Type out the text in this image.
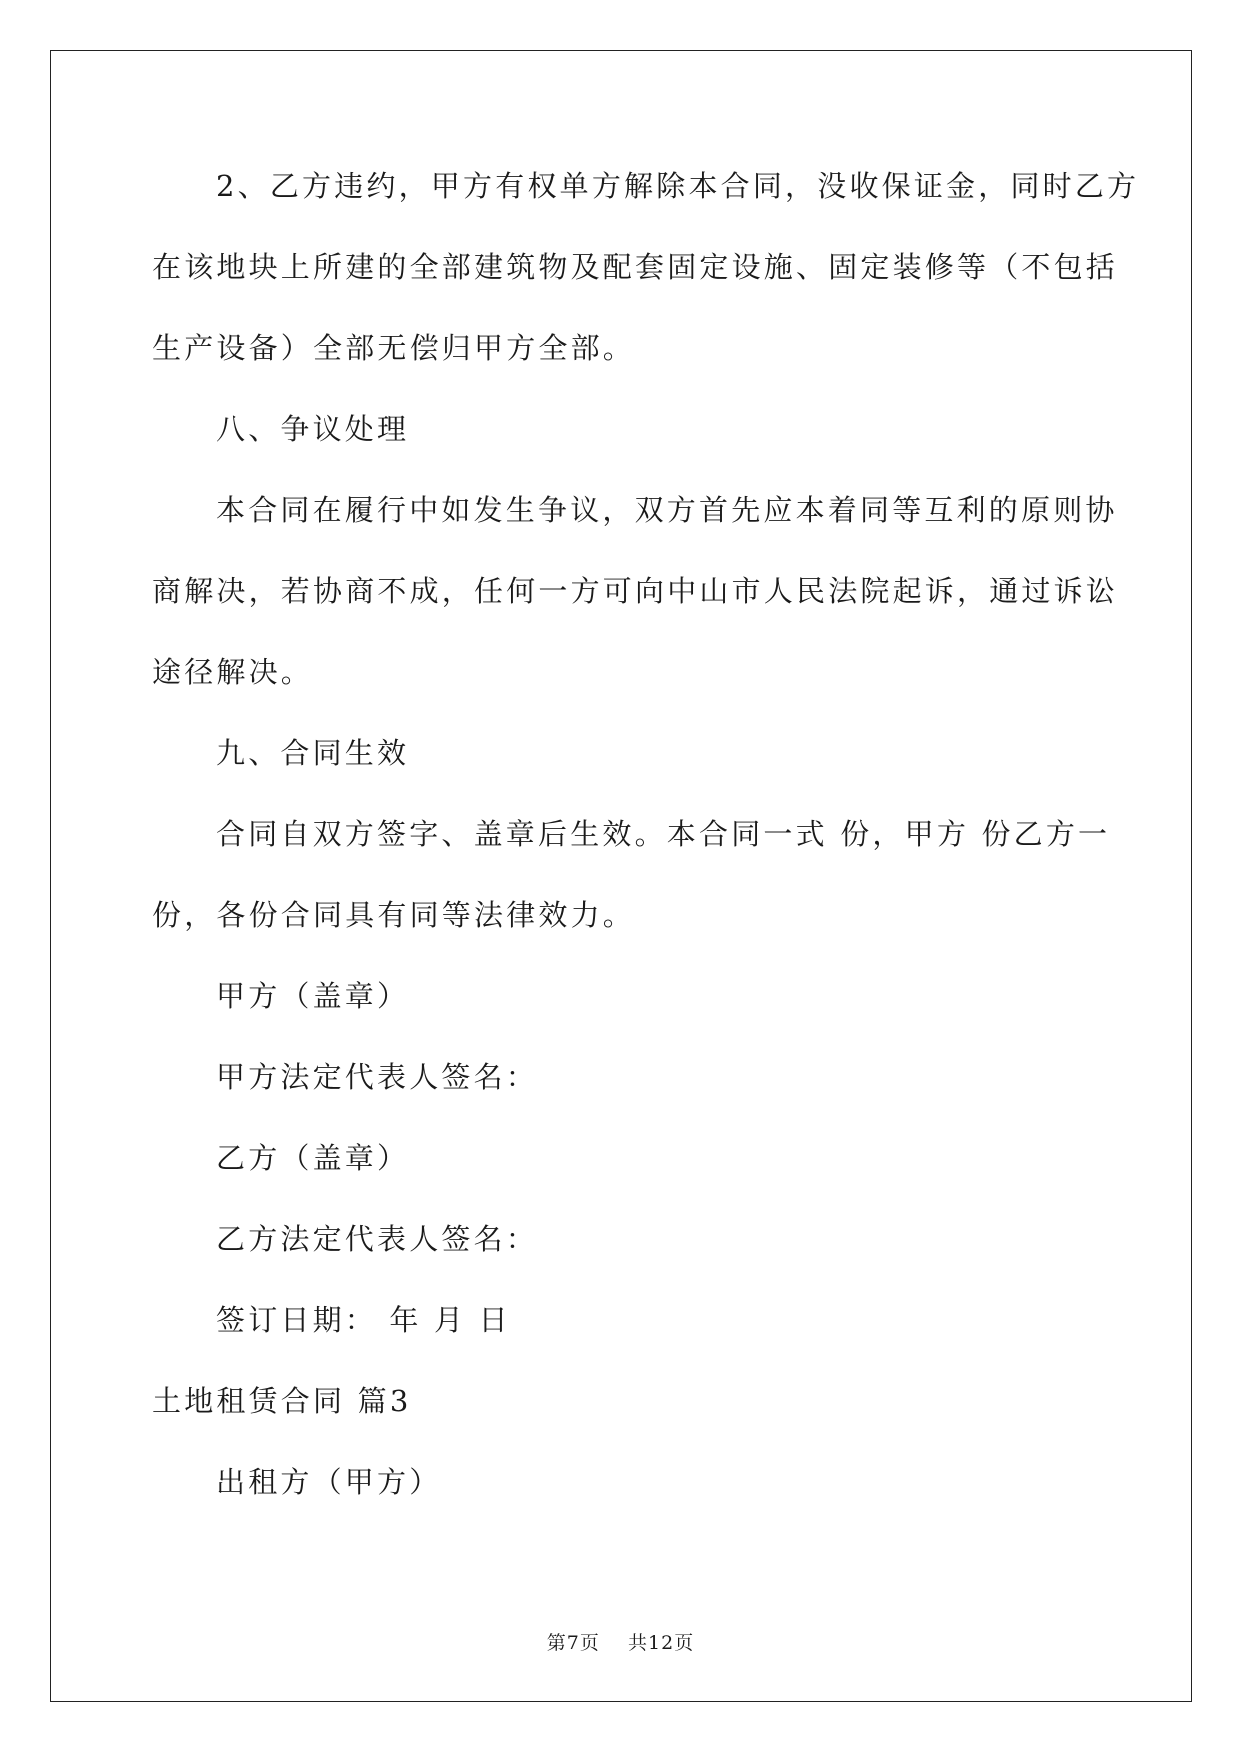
2、乙方违约，甲方有权单方解除本合同，没收保证金，同时乙方
在该地块上所建的全部建筑物及配套固定设施、固定装修等（不包括
生产设备）全部无偿归甲方全部。
八、争议处理
本合同在履行中如发生争议，双方首先应本着同等互利的原则协
商解决，若协商不成，任何一方可向中山市人民法院起诉，通过诉讼
途径解决。
九、合同生效
合同自双方签字、盖章后生效。本合同一式 份，甲方 份乙方一
份，各份合同具有同等法律效力。
甲方（盖章）
甲方法定代表人签名：
乙方（盖章）
乙方法定代表人签名：
签订日期： 年 月 日
土地租赁合同 篇3
出租方（甲方）
第7页 共12页
